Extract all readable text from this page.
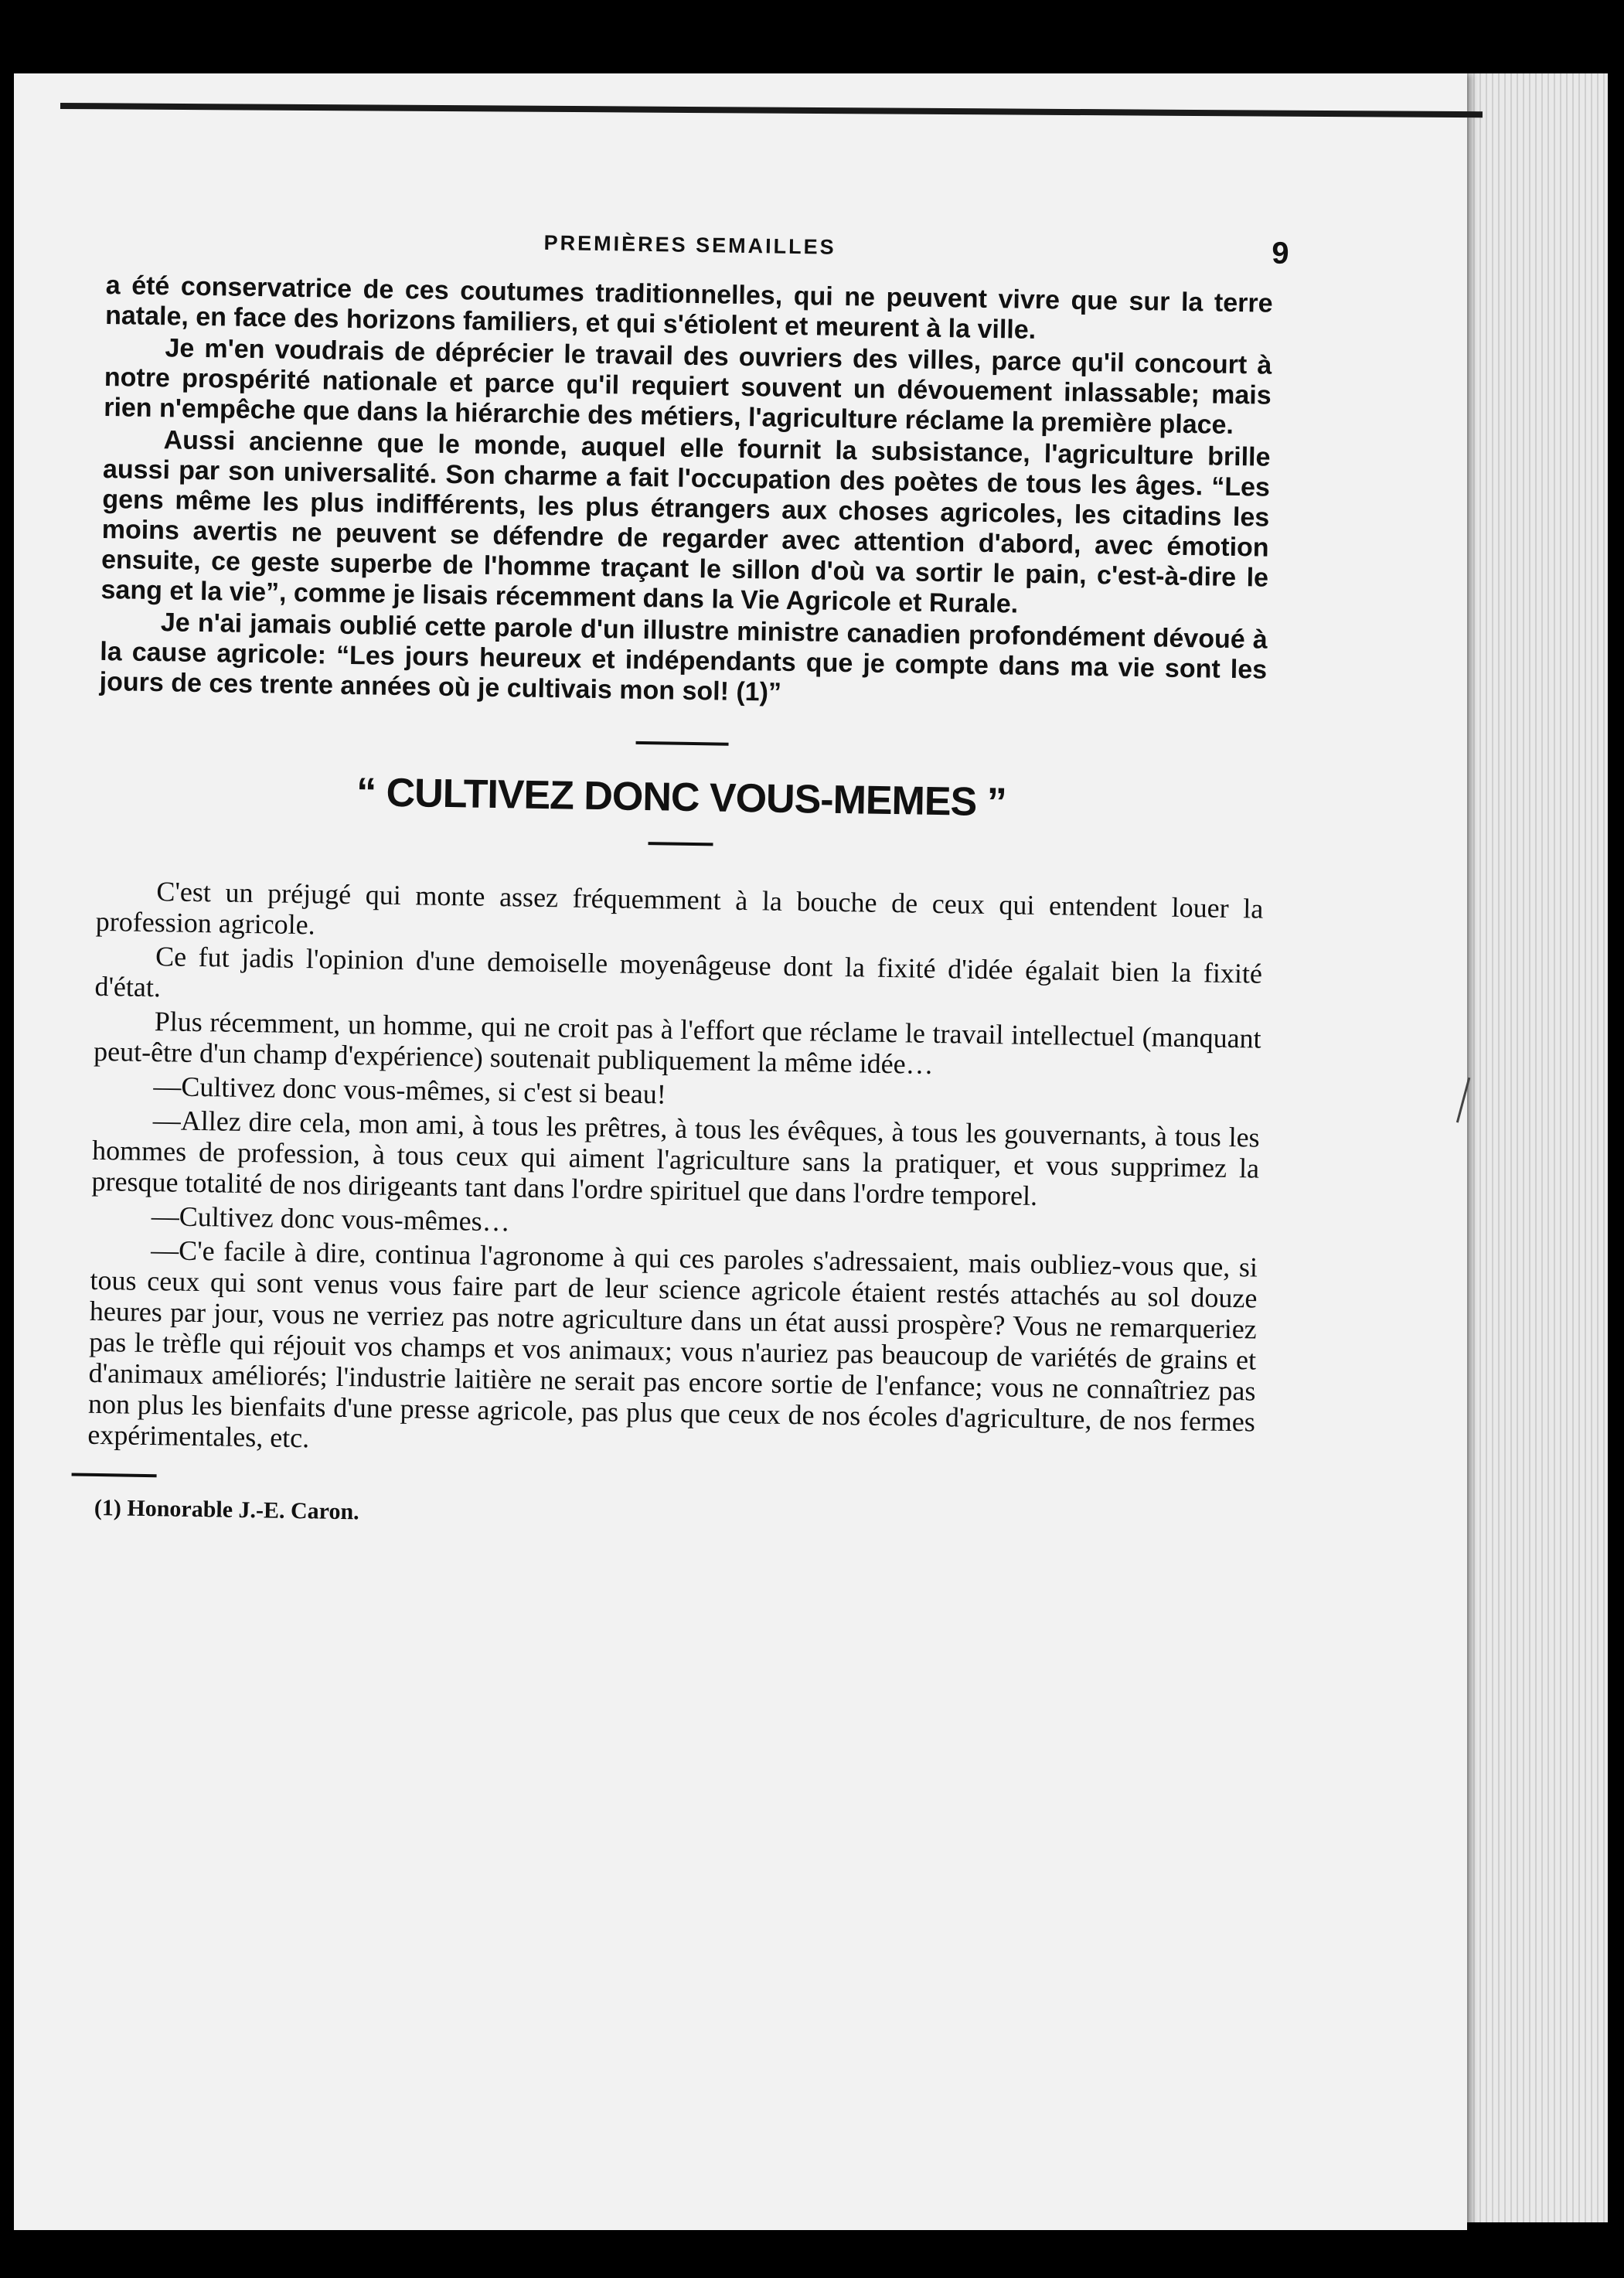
PREMIÈRES SEMAILLES	9

a été conservatrice de ces coutumes traditionnelles, qui ne peuvent vivre que sur la terre natale, en face des horizons familiers, et qui s'étiolent et meurent à la ville.

Je m'en voudrais de déprécier le travail des ouvriers des villes, parce qu'il concourt à notre prospérité nationale et parce qu'il requiert souvent un dévouement inlassable; mais rien n'empêche que dans la hiérarchie des métiers, l'agriculture réclame la première place.

Aussi ancienne que le monde, auquel elle fournit la subsistance, l'agriculture brille aussi par son universalité. Son charme a fait l'occupation des poètes de tous les âges. “Les gens même les plus indifférents, les plus étrangers aux choses agricoles, les citadins les moins avertis ne peuvent se défendre de regarder avec attention d'abord, avec émotion ensuite, ce geste superbe de l'homme traçant le sillon d'où va sortir le pain, c'est-à-dire le sang et la vie”, comme je lisais récemment dans la Vie Agricole et Rurale.

Je n'ai jamais oublié cette parole d'un illustre ministre canadien profondément dévoué à la cause agricole: “Les jours heureux et indépendants que je compte dans ma vie sont les jours de ces trente années où je cultivais mon sol! (1)”

“ CULTIVEZ DONC VOUS-MEMES ”

C'est un préjugé qui monte assez fréquemment à la bouche de ceux qui entendent louer la profession agricole.

Ce fut jadis l'opinion d'une demoiselle moyenâgeuse dont la fixité d'idée égalait bien la fixité d'état.

Plus récemment, un homme, qui ne croit pas à l'effort que réclame le travail intellectuel (manquant peut-être d'un champ d'expérience) soutenait publiquement la même idée…

—Cultivez donc vous-mêmes, si c'est si beau!

—Allez dire cela, mon ami, à tous les prêtres, à tous les évêques, à tous les gouvernants, à tous les hommes de profession, à tous ceux qui aiment l'agriculture sans la pratiquer, et vous supprimez la presque totalité de nos dirigeants tant dans l'ordre spirituel que dans l'ordre temporel.

—Cultivez donc vous-mêmes…

—C'e facile à dire, continua l'agronome à qui ces paroles s'adressaient, mais oubliez-vous que, si tous ceux qui sont venus vous faire part de leur science agricole étaient restés attachés au sol douze heures par jour, vous ne verriez pas notre agriculture dans un état aussi prospère? Vous ne remarqueriez pas le trèfle qui réjouit vos champs et vos animaux; vous n'auriez pas beaucoup de variétés de grains et d'animaux améliorés; l'industrie laitière ne serait pas encore sortie de l'enfance; vous ne connaîtriez pas non plus les bienfaits d'une presse agricole, pas plus que ceux de nos écoles d'agriculture, de nos fermes expérimentales, etc.

(1) Honorable J.-E. Caron.
